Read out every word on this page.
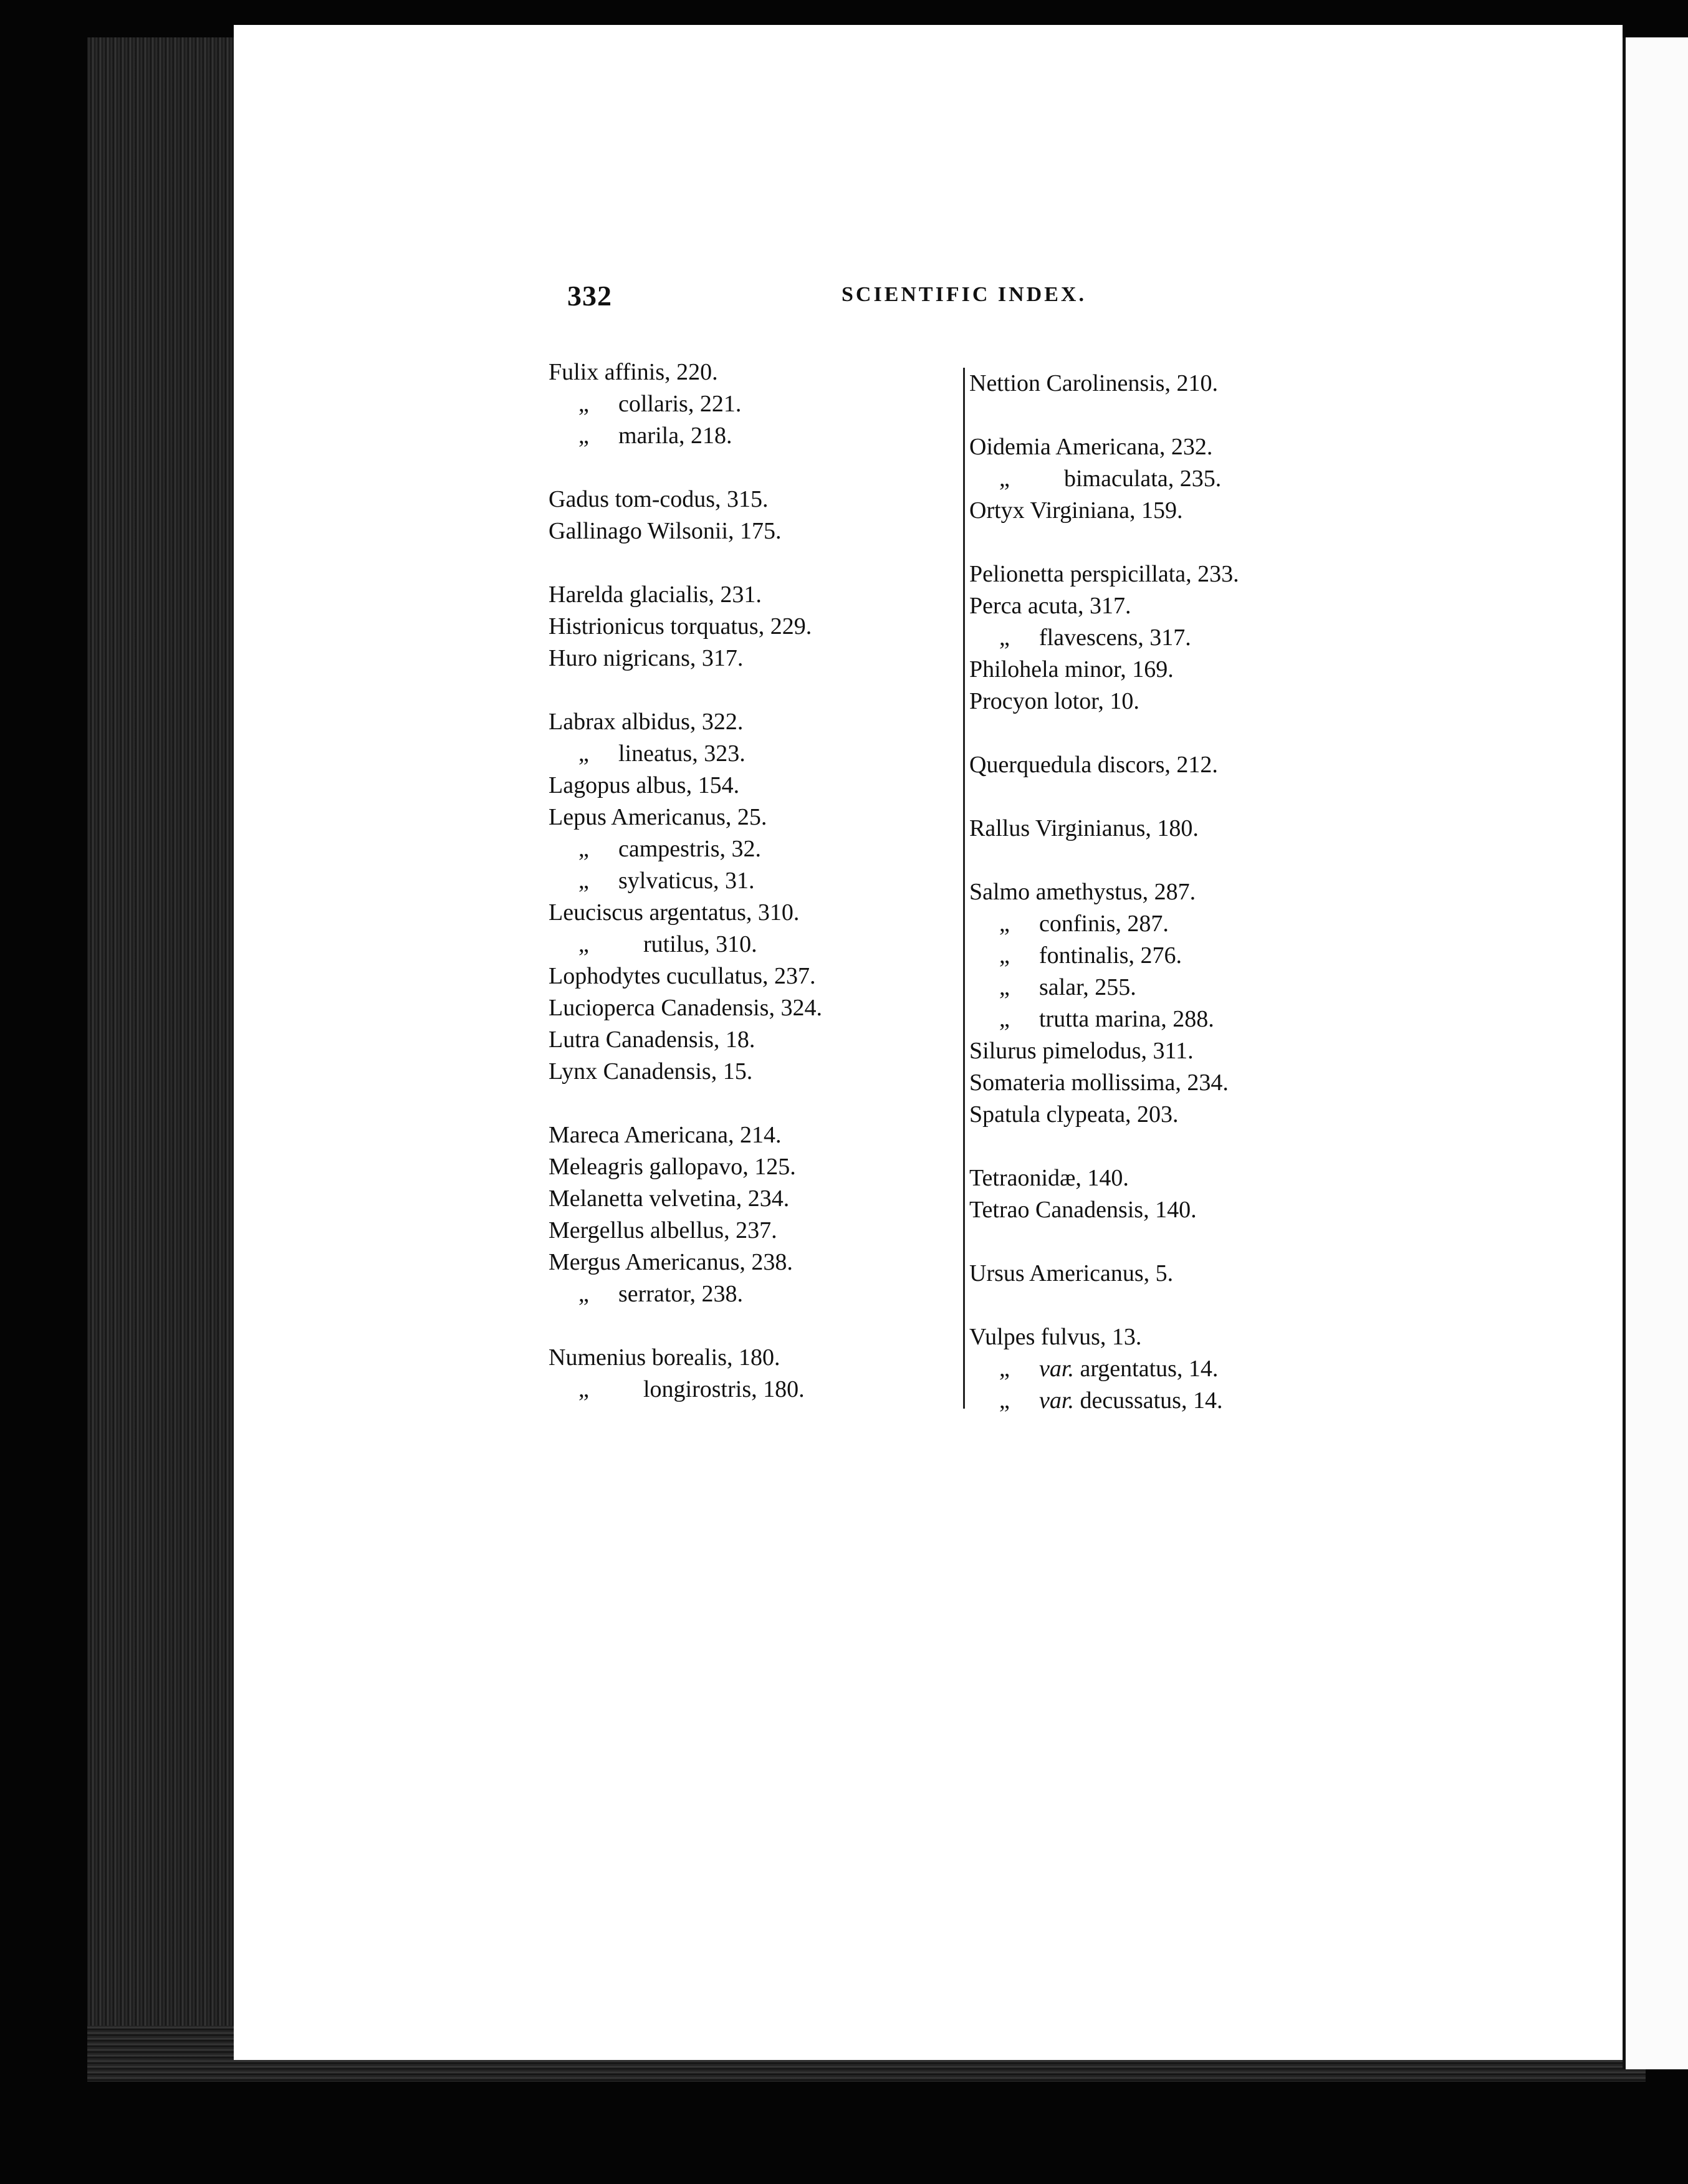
332	SCIENTIFIC INDEX.
Fulix affinis, 220.
„ collaris, 221.
„ marila, 218.
Gadus tom-codus, 315.
Gallinago Wilsonii, 175.
Harelda glacialis, 231.
Histrionicus torquatus, 229.
Huro nigricans, 317.
Labrax albidus, 322.
„ lineatus, 323.
Lagopus albus, 154.
Lepus Americanus, 25.
„ campestris, 32.
„ sylvaticus, 31.
Leuciscus argentatus, 310.
„ rutilus, 310.
Lophodytes cucullatus, 237.
Lucioperca Canadensis, 324.
Lutra Canadensis, 18.
Lynx Canadensis, 15.
Mareca Americana, 214.
Meleagris gallopavo, 125.
Melanetta velvetina, 234.
Mergellus albellus, 237.
Mergus Americanus, 238.
„ serrator, 238.
Numenius borealis, 180.
„ longirostris, 180.
Nettion Carolinensis, 210.
Oidemia Americana, 232.
„ bimaculata, 235.
Ortyx Virginiana, 159.
Pelionetta perspicillata, 233.
Perca acuta, 317.
„ flavescens, 317.
Philohela minor, 169.
Procyon lotor, 10.
Querquedula discors, 212.
Rallus Virginianus, 180.
Salmo amethystus, 287.
„ confinis, 287.
„ fontinalis, 276.
„ salar, 255.
„ trutta marina, 288.
Silurus pimelodus, 311.
Somateria mollissima, 234.
Spatula clypeata, 203.
Tetraonidæ, 140.
Tetrao Canadensis, 140.
Ursus Americanus, 5.
Vulpes fulvus, 13.
„ var. argentatus, 14.
„ var. decussatus, 14.
